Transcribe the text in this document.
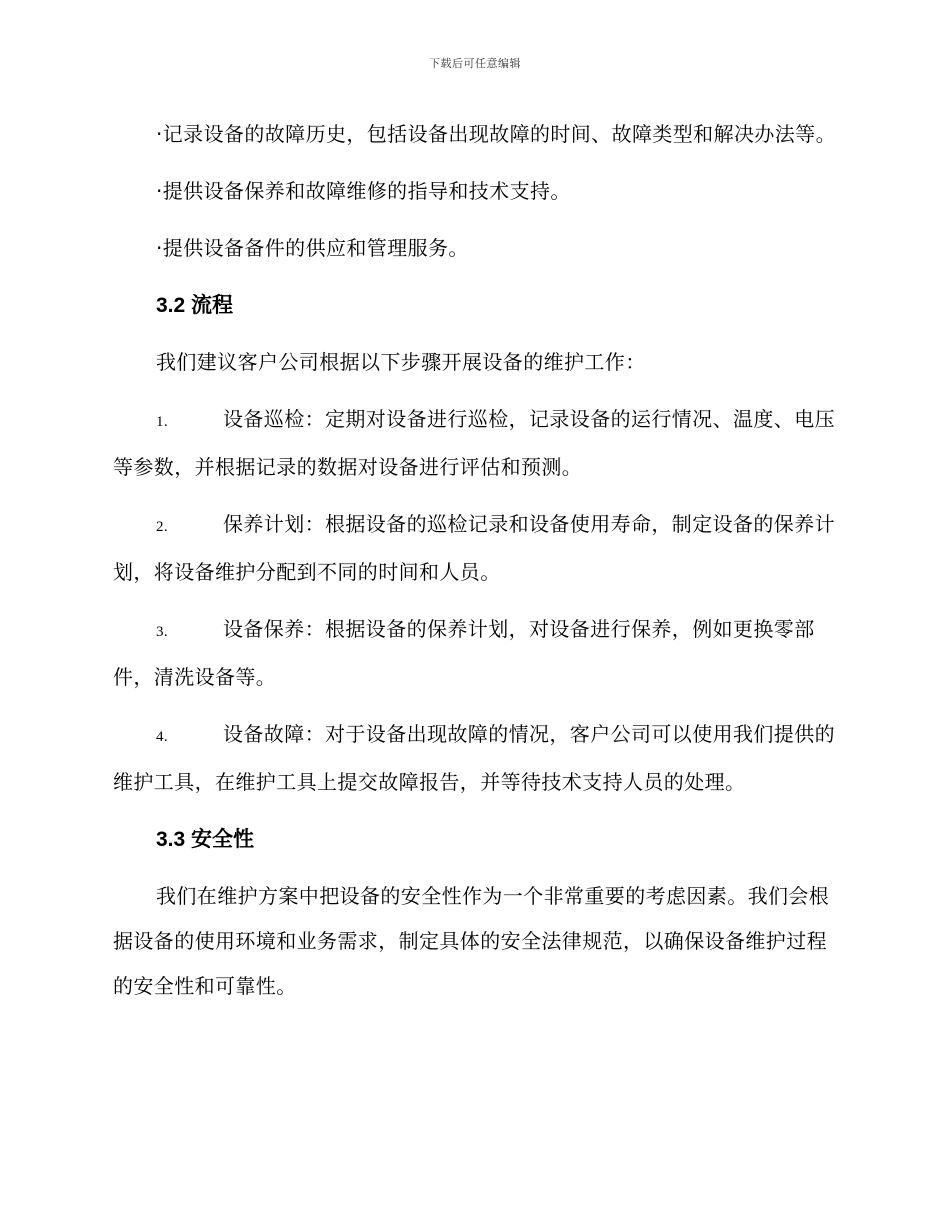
下载后可任意编辑

·记录设备的故障历史，包括设备出现故障的时间、故障类型和解决办法等。

·提供设备保养和故障维修的指导和技术支持。

·提供设备备件的供应和管理服务。

3.2 流程

我们建议客户公司根据以下步骤开展设备的维护工作：

1.	设备巡检：定期对设备进行巡检，记录设备的运行情况、温度、电压等参数，并根据记录的数据对设备进行评估和预测。

2.	保养计划：根据设备的巡检记录和设备使用寿命，制定设备的保养计划，将设备维护分配到不同的时间和人员。

3.	设备保养：根据设备的保养计划，对设备进行保养，例如更换零部件，清洗设备等。

4.	设备故障：对于设备出现故障的情况，客户公司可以使用我们提供的维护工具，在维护工具上提交故障报告，并等待技术支持人员的处理。

3.3 安全性

我们在维护方案中把设备的安全性作为一个非常重要的考虑因素。我们会根据设备的使用环境和业务需求，制定具体的安全法律规范，以确保设备维护过程的安全性和可靠性。
